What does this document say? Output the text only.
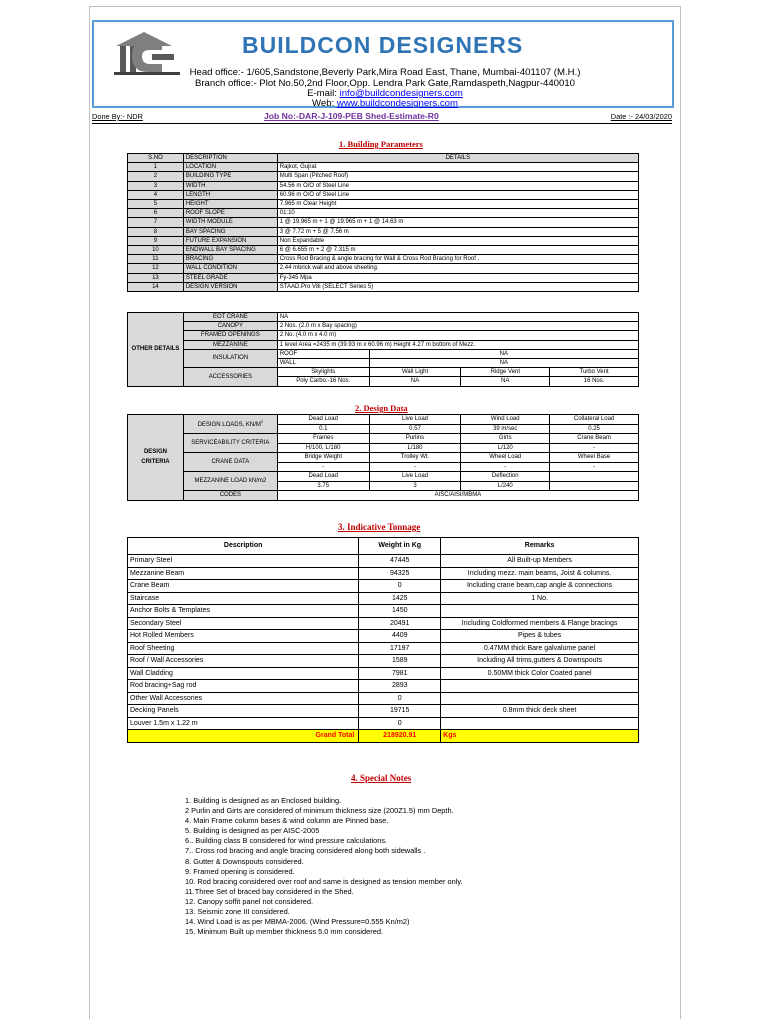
BUILDCON DESIGNERS
Head office:- 1/605,Sandstone,Beverly Park,Mira Road East, Thane, Mumbai-401107 (M.H.)
Branch office:- Plot No.50,2nd Floor,Opp. Lendra Park Gate,Ramdaspeth,Nagpur-440010
E-mail: info@buildcondesigners.com
Web: www.buildcondesigners.com
Done By:- NDR	Job No:-DAR-J-109-PEB Shed-Estimate-R0	Date :- 24/03/2020
1. Building Parameters
S.NO	DESCRIPTION	DETAILS
1	LOCATION	Rajkot, Gujrat
2	BUILDING TYPE	Multi Span (Pitched Roof)
3	WIDTH	54.56 m O/O of Steel Line
4	LENGTH	60.96 m O/O of Steel Line
5	HEIGHT	7.965 m Clear Height
6	ROOF SLOPE	01:10
7	WIDTH MODULE	1 @ 19.965 m + 1 @ 19.965 m + 1 @ 14.63 m
8	BAY SPACING	3 @ 7.72 m + 5 @ 7.56 m
9	FUTURE EXPANSION	Non Expandable
10	ENDWALL BAY SPACING	6 @ 6.655 m + 2 @ 7.315 m
11	BRACING	Cross Rod Bracing & angle bracing for Wall & Cross Rod Bracing for Roof .
12	WALL CONDITION	2.44 mbrick wall and above sheeting.
13	STEEL GRADE	Fy-345 Mpa
14	DESIGN VERSION	STAAD.Pro V8i (SELECT Series 5)
OTHER DETAILS	EOT CRANE	NA			
	CANOPY	2 Nos. (2.0 m x Bay spacing)			
	FRAMED OPENINGS	2 No. (4.0 m x 4.0 m)			
	MEZZANINE	1 level Area =2435 m (39.93 m x 60.96 m) Height 4.27 m bottom of Mezz.			
	INSULATION	ROOF	NA		
		WALL	NA		
	ACCESSORIES	Skylights	Wall Light	Ridge Vent	Turbo Vent
		Poly Carbo.-16 Nos.	NA	NA	16 Nos.
2. Design Data
DESIGN
CRITERIA	DESIGN LOADS, $KN/M^2$	Dead Load	Live Load	Wind Load	Collateral Load
		0.1	0.57	39 m/sec	0.25
	SERVICEABILITY CRITERIA	Frames	Purlins	Girts	Crane Beam
		H/100, L/180	L/180	L/120	-
	CRANE DATA	Bridge Weight	Trolley Wt.	Wheel Load	Wheel Base
		-	-	-	-
	MEZZANINE LOAD kN/m2	Dead Load	Live Load	Deflection	
		3.75	3	L/240	
	CODES	AISC/AISI/MBMA			
3. Indicative Tonnage
Description	Weight in Kg	Remarks
Primary Steel	47445	All Built-up Members
Mezzanine Beam	94325	Including mezz. main beams, Joist & columns.
Crane Beam	0	Including crane beam,cap angle & connections
Staircase	1425	1 No.
Anchor Bolts & Templates	1450	
Secondary Steel	20491	Including Coldformed members & Flange bracings
Hot Rolled Members	4409	Pipes & tubes
Roof Sheeting	17197	0.47MM thick Bare galvalume panel
Roof / Wall Accessories	1589	Including All trims,gutters & Downspouts
Wall Cladding	7981	0.50MM thick Color Coated panel
Rod bracing+Sag rod	2893	
Other Wall Accessories	0	
Decking Panels	19715	0.8mm thick deck sheet
Louver 1.5m x 1.22 m	0	
Grand Total	218920.91	Kgs
4. Special Notes
1. Building is designed as an Enclosed building.
2 Purlin and Girts are considered of minimum thickness size (200Z1.5) mm Depth.
4. Main Frame column bases & wind column are Pinned base.
5. Building is designed as per AISC-2005
6.. Building class B considered for wind pressure calculations.
7.. Cross rod bracing and angle bracing considered along both sidewalls .
8. Gutter & Downspouts considered.
9. Framed opening is considered.
10. Rod bracing considered over roof and same is designed as tension member only.
11.Three Set of braced bay considered in the Shed.
12. Canopy soffit panel not considered.
13. Seismic zone III considered.
14. Wind Load is as per MBMA-2006. (Wind Pressure=0.555 Kn/m2)
15. Minimum Built up member thickness 5.0 mm considered.
